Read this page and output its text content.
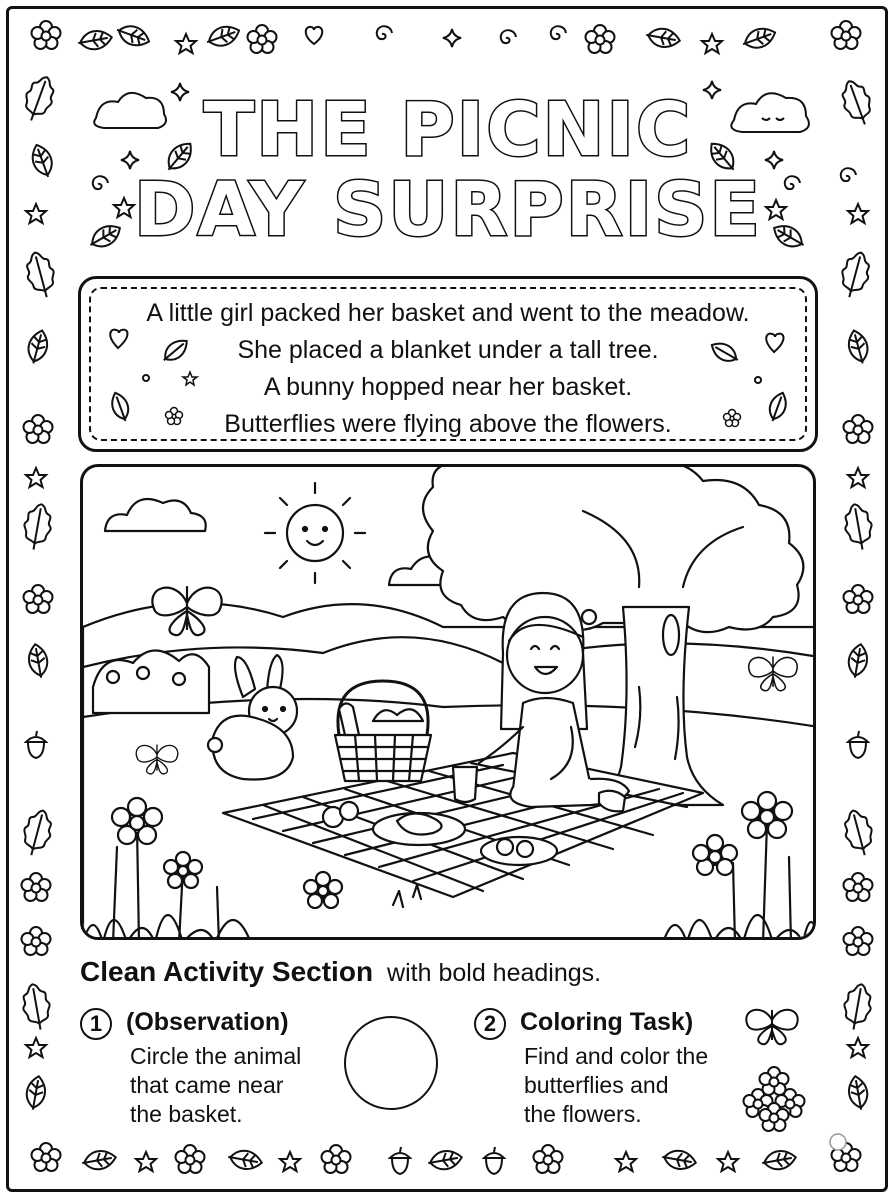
THE PICNIC
DAY SURPRISE
A little girl packed her basket and went to the meadow.
She placed a blanket under a tall tree.
A bunny hopped near her basket.
Butterflies were flying above the flowers.
Clean Activity Section with bold headings.
1 (Observation)
Circle the animal
that came near
the basket.
2 Coloring Task)
Find and color the
butterflies and
the flowers.
